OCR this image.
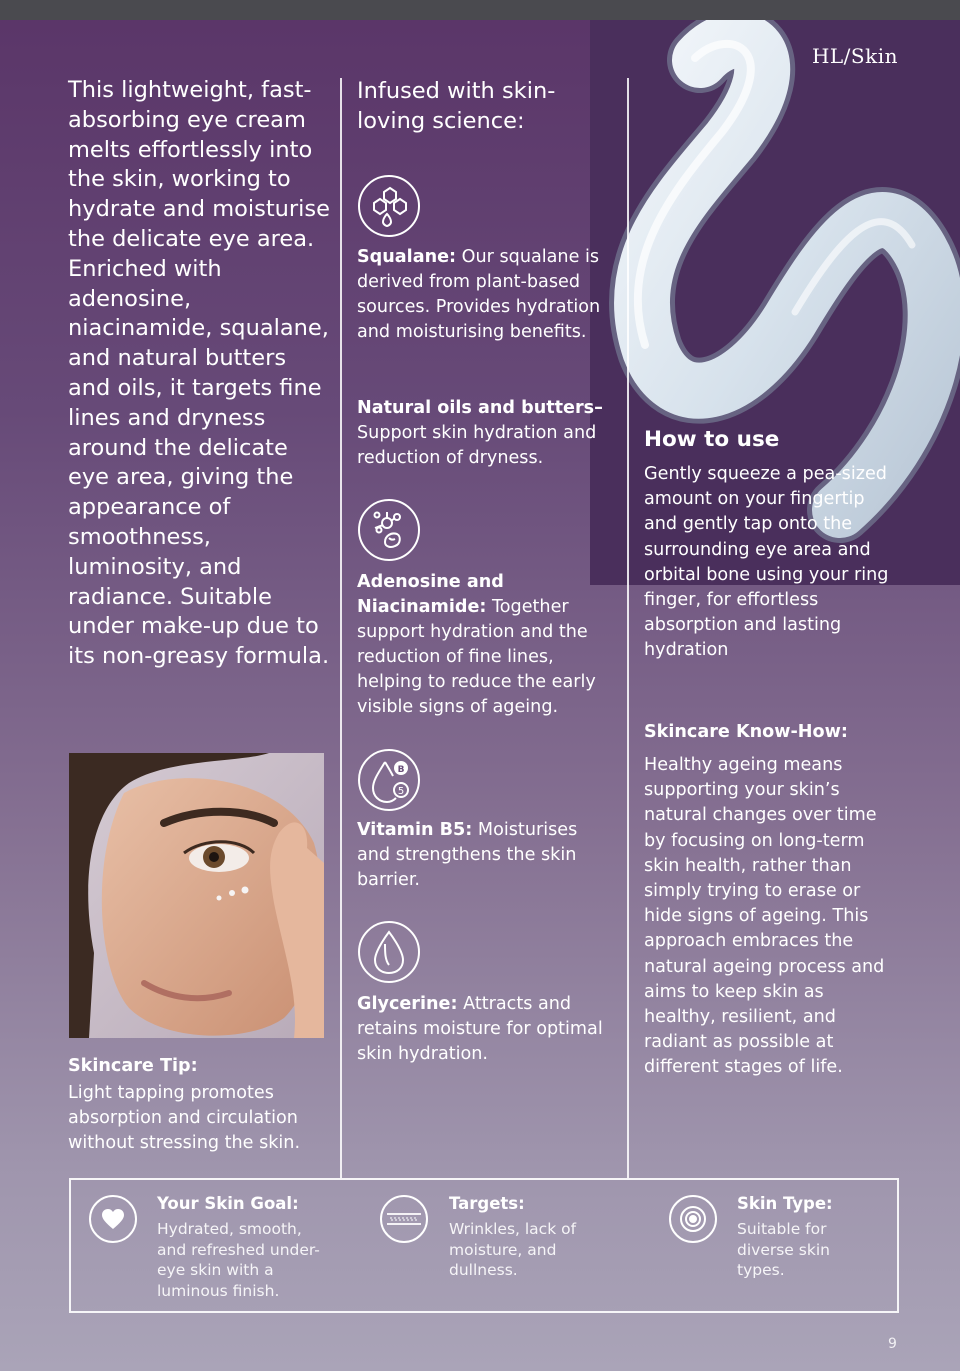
HL/Skin
This lightweight, fast-absorbing eye cream melts effortlessly into the skin, working to hydrate and moisturise the delicate eye area. Enriched with adenosine, niacinamide, squalane, and natural butters and oils, it targets fine lines and dryness around the delicate eye area, giving the appearance of smoothness, luminosity, and radiance. Suitable under make-up due to its non-greasy formula.
Skincare Tip:
Light tapping promotes absorption and circulation without stressing the skin.
Infused with skin-loving science:
Squalane: Our squalane is derived from plant-based sources. Provides hydration and moisturising benefits.
Natural oils and butters– Support skin hydration and reduction of dryness.
Adenosine and Niacinamide: Together support hydration and the reduction of fine lines, helping to reduce the early visible signs of ageing.
B
5
Vitamin B5: Moisturises and strengthens the skin barrier.
Glycerine: Attracts and retains moisture for optimal skin hydration.
How to use
Gently squeeze a pea-sized amount on your fingertip and gently tap onto the surrounding eye area and orbital bone using your ring finger, for effortless absorption and lasting hydration
Skincare Know-How:
Healthy ageing means supporting your skin’s natural changes over time by focusing on long-term skin health, rather than simply trying to erase or hide signs of ageing. This approach embraces the natural ageing process and aims to keep skin as healthy, resilient, and radiant as possible at different stages of life.
Your Skin Goal:
Hydrated, smooth, and refreshed under-eye skin with a luminous finish.
Targets:
Wrinkles, lack of moisture, and dullness.
Skin Type:
Suitable for diverse skin types.
9
